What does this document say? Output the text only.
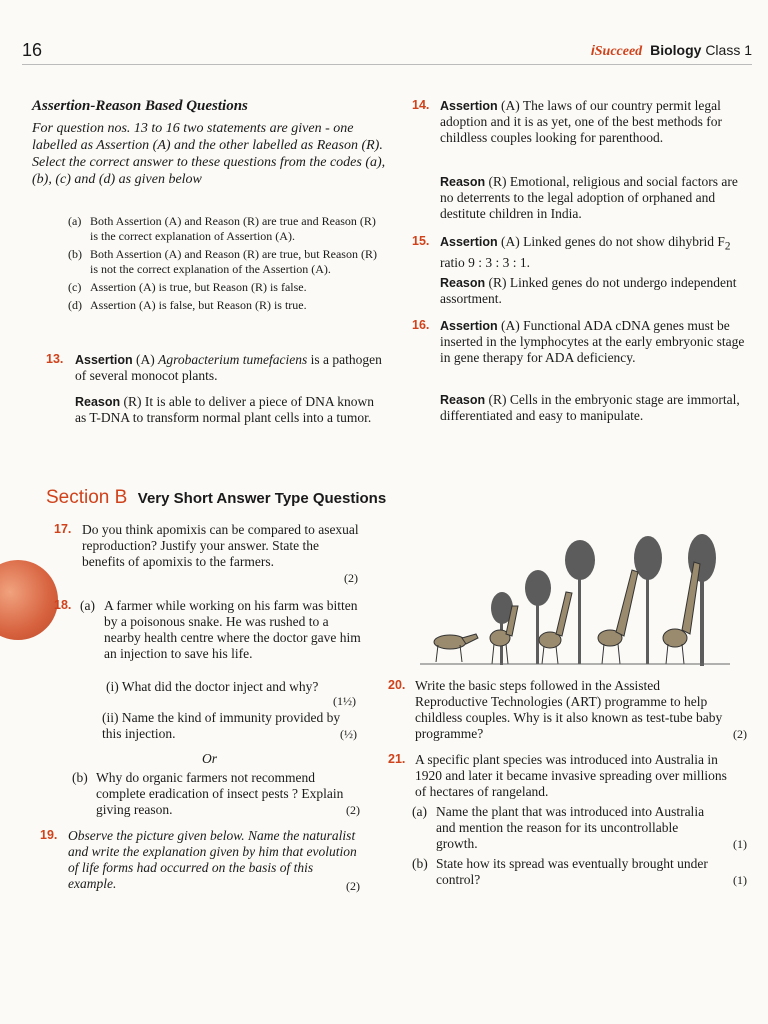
16	iSucceed Biology Class 1
Assertion-Reason Based Questions
For question nos. 13 to 16 two statements are given - one labelled as Assertion (A) and the other labelled as Reason (R). Select the correct answer to these questions from the codes (a), (b), (c) and (d) as given below
(a) Both Assertion (A) and Reason (R) are true and Reason (R) is the correct explanation of Assertion (A).
(b) Both Assertion (A) and Reason (R) are true, but Reason (R) is not the correct explanation of the Assertion (A).
(c) Assertion (A) is true, but Reason (R) is false.
(d) Assertion (A) is false, but Reason (R) is true.
13. Assertion (A) Agrobacterium tumefaciens is a pathogen of several monocot plants.
Reason (R) It is able to deliver a piece of DNA known as T-DNA to transform normal plant cells into a tumor.
14. Assertion (A) The laws of our country permit legal adoption and it is as yet, one of the best methods for childless couples looking for parenthood.
Reason (R) Emotional, religious and social factors are no deterrents to the legal adoption of orphaned and destitute children in India.
15. Assertion (A) Linked genes do not show dihybrid $F_2$ ratio 9 : 3 : 3 : 1.
Reason (R) Linked genes do not undergo independent assortment.
16. Assertion (A) Functional ADA cDNA genes must be inserted in the lymphocytes at the early embryonic stage in gene therapy for ADA deficiency.
Reason (R) Cells in the embryonic stage are immortal, differentiated and easy to manipulate.
Section B Very Short Answer Type Questions
17. Do you think apomixis can be compared to asexual reproduction? Justify your answer. State the benefits of apomixis to the farmers.
(2)
18. (a) A farmer while working on his farm was bitten by a poisonous snake. He was rushed to a nearby health centre where the doctor gave him an injection to save his life.
(i) What did the doctor inject and why?
(1½)
(ii) Name the kind of immunity provided by this injection.	(½)
Or
(b) Why do organic farmers not recommend complete eradication of insect pests ? Explain giving reason.	(2)
19. Observe the picture given below. Name the naturalist and write the explanation given by him that evolution of life forms had occurred on the basis of this example.	(2)
20. Write the basic steps followed in the Assisted Reproductive Technologies (ART) programme to help childless couples. Why is it also known as test-tube baby programme?	(2)
21. A specific plant species was introduced into Australia in 1920 and later it became invasive spreading over millions of hectares of rangeland.
(a) Name the plant that was introduced into Australia and mention the reason for its uncontrollable growth.	(1)
(b) State how its spread was eventually brought under control?	(1)
